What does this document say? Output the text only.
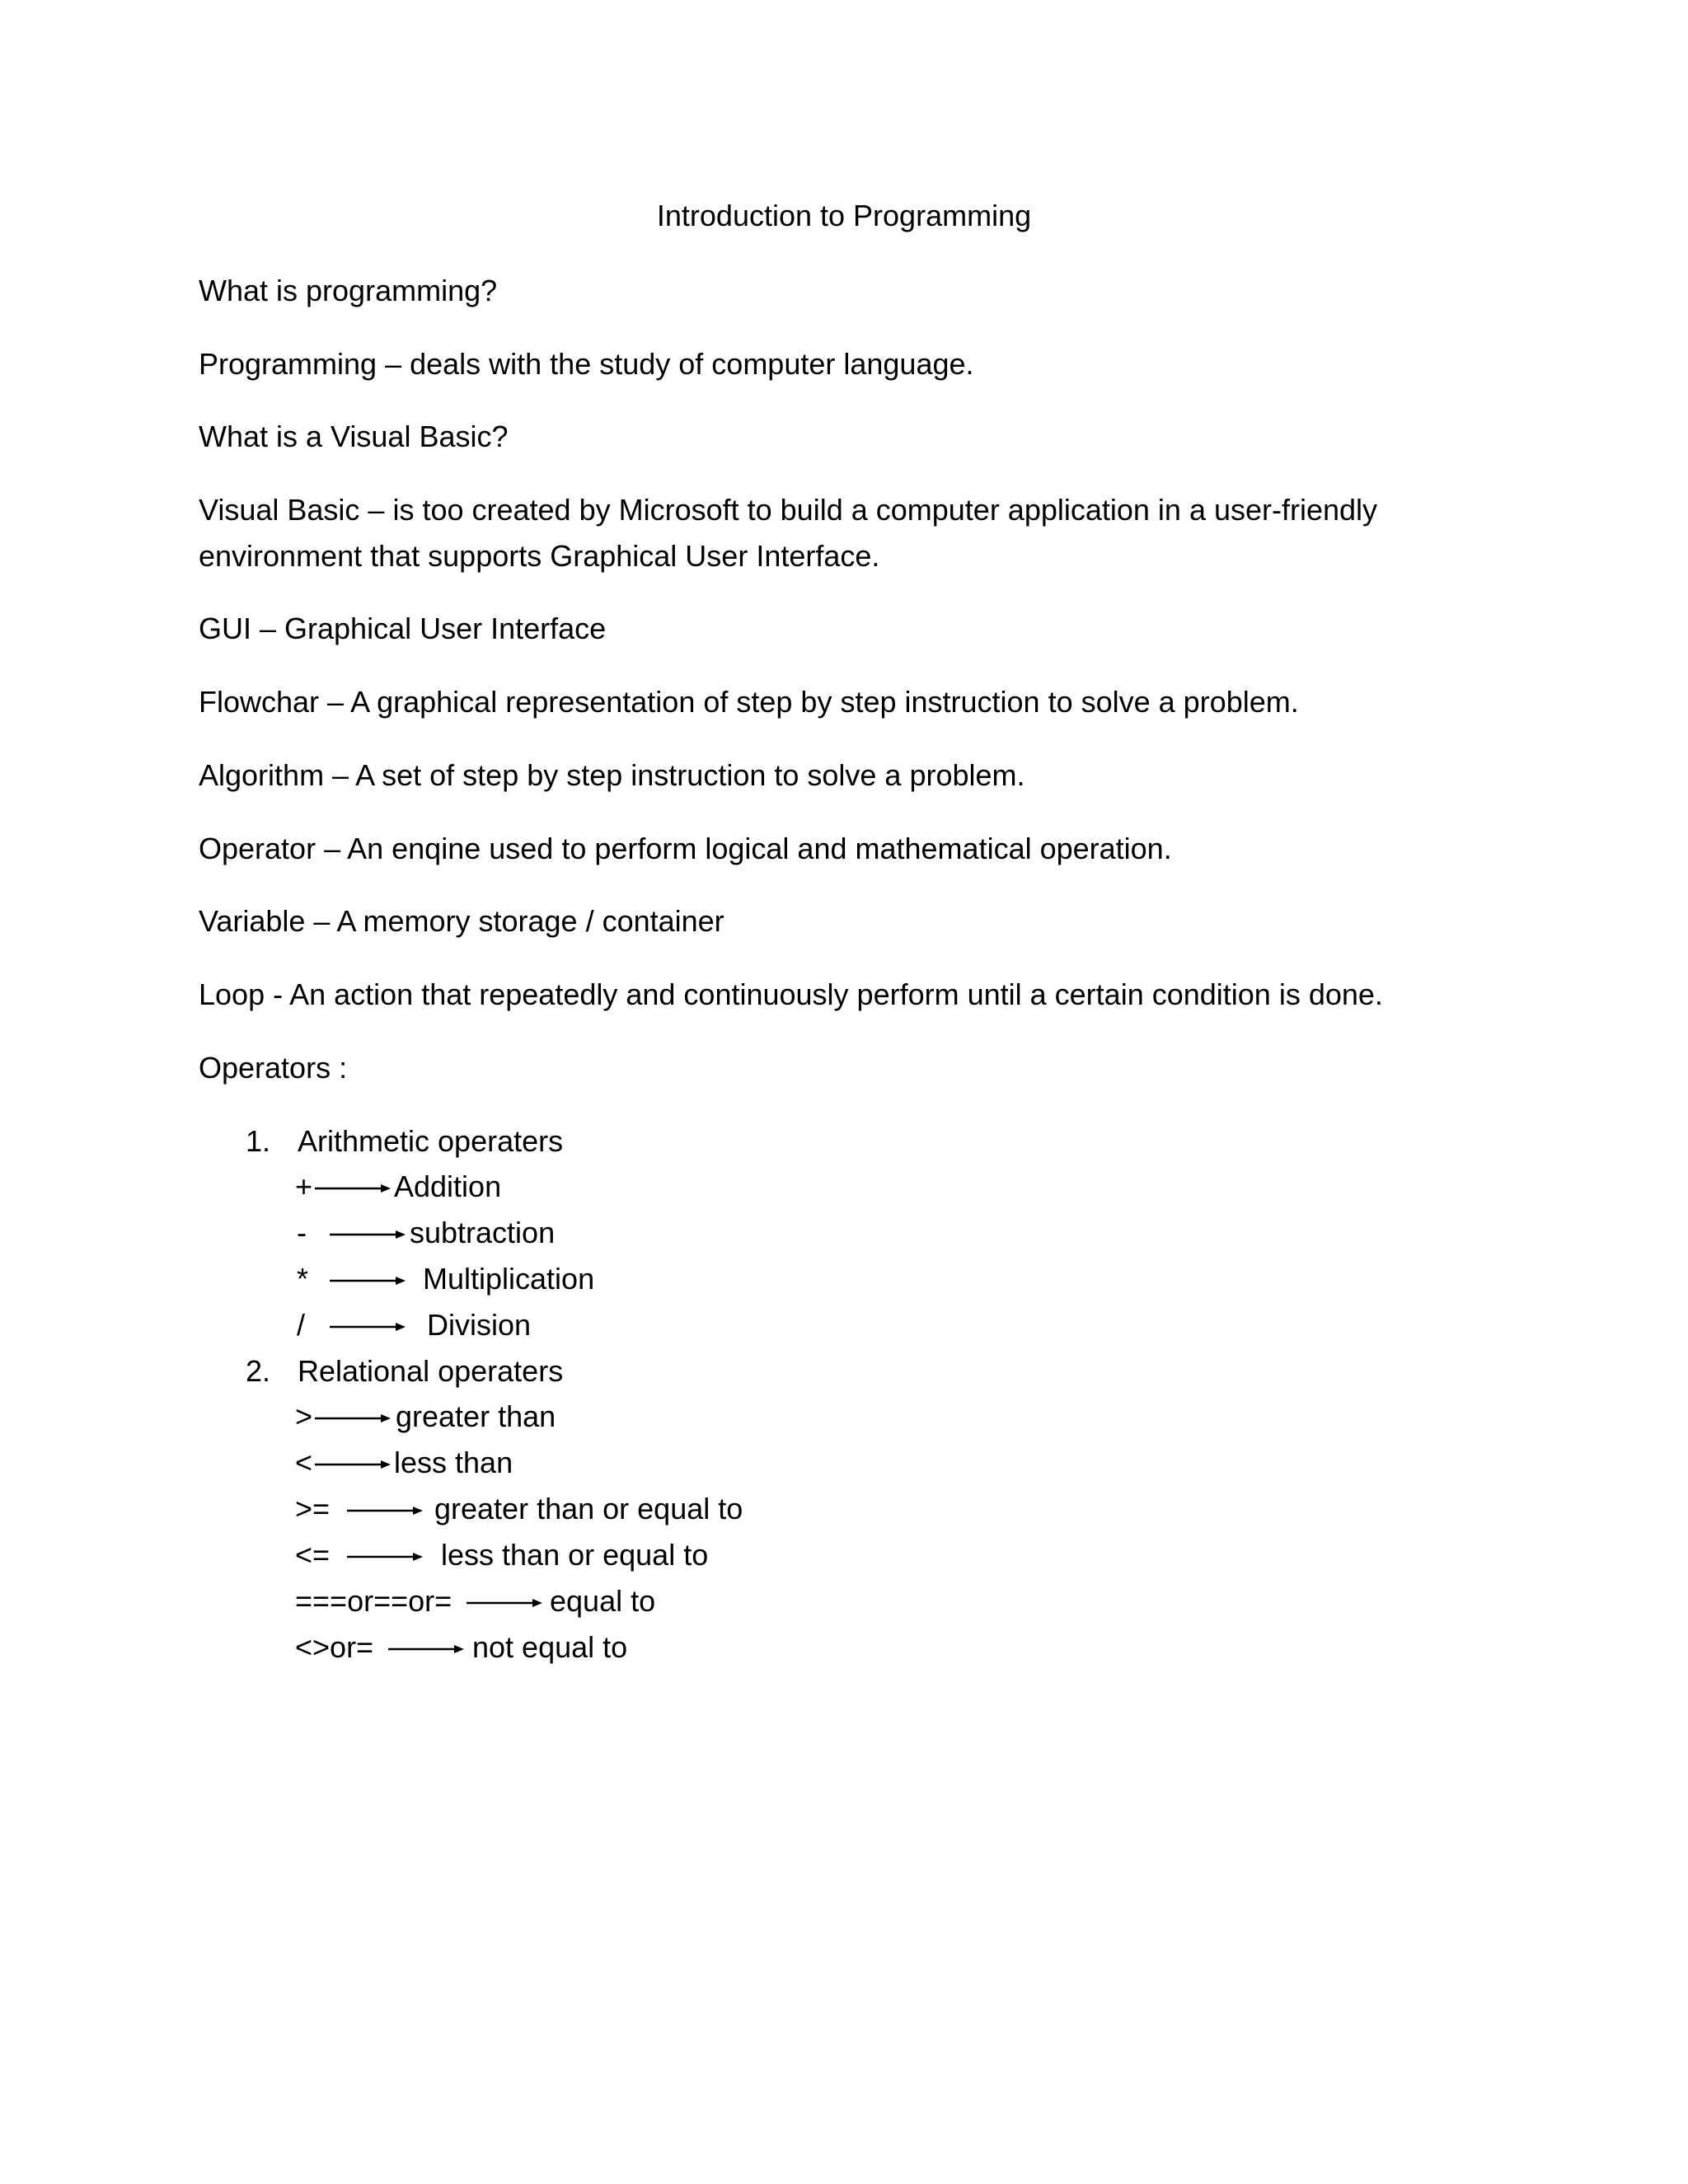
Introduction to Programming
What is programming?
Programming – deals with the study of computer language.
What is a Visual Basic?
Visual Basic – is too created by Microsoft to build a computer application in a user-friendly
environment that supports Graphical User Interface.
GUI – Graphical User Interface
Flowchar – A graphical representation of step by step instruction to solve a problem.
Algorithm – A set of step by step instruction to solve a problem.
Operator – An enqine used to perform logical and mathematical operation.
Variable – A memory storage / container
Loop - An action that repeatedly and continuously perform until a certain condition is done.
Operators :
1. Arithmetic operaters
+	Addition
-	subtraction
*	Multiplication
/	Division
2. Relational operaters
>	greater than
<	less than
>=	greater than or equal to
<=	less than or equal to
===or==or=	equal to
<>or=	not equal to
